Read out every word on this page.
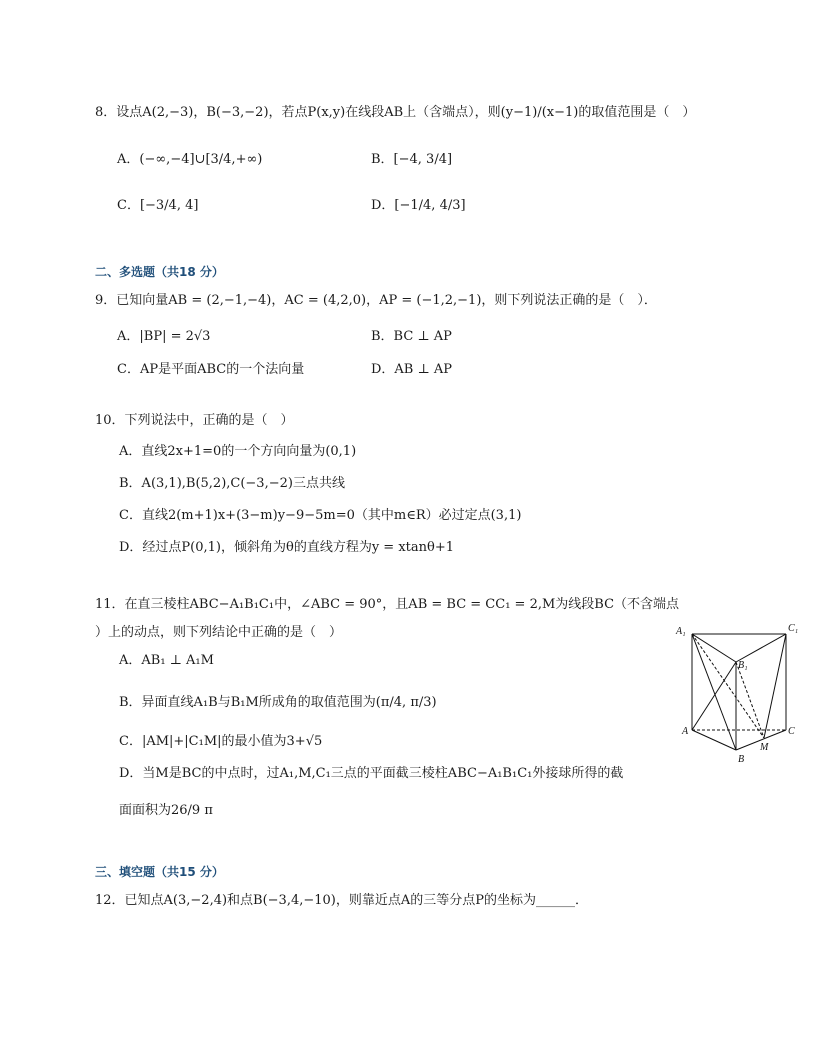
8．设点A(2,−3)，B(−3,−2)，若点P(x,y)在线段AB上（含端点），则(y−1)/(x−1)的取值范围是（　）
A．(−∞,−4]∪[3/4,+∞)	B．[−4, 3/4]
C．[−3/4, 4]	D．[−1/4, 4/3]
二、多选题（共18 分）
9．已知向量AB = (2,−1,−4)，AC = (4,2,0)，AP = (−1,2,−1)，则下列说法正确的是（　）．
A．|BP| = 2√3	B．BC ⊥ AP
C．AP是平面ABC的一个法向量	D．AB ⊥ AP
10．下列说法中，正确的是（　）
A．直线2x+1=0的一个方向向量为(0,1)
B．A(3,1),B(5,2),C(−3,−2)三点共线
C．直线2(m+1)x+(3−m)y−9−5m=0（其中m∈R）必过定点(3,1)
D．经过点P(0,1)，倾斜角为θ的直线方程为y = xtanθ+1
11．在直三棱柱ABC−A₁B₁C₁中，∠ABC = 90°，且AB = BC = CC₁ = 2,M为线段BC（不含端点
）上的动点，则下列结论中正确的是（　）
A．AB₁ ⊥ A₁M
B．异面直线A₁B与B₁M所成角的取值范围为(π/4, π/3)
C．|AM|+|C₁M|的最小值为3+√5
D．当M是BC的中点时，过A₁,M,C₁三点的平面截三棱柱ABC−A₁B₁C₁外接球所得的截
面面积为26/9 π
A₁	C₁
B₁
A	C
B
M
三、填空题（共15 分）
12．已知点A(3,−2,4)和点B(−3,4,−10)，则靠近点A的三等分点P的坐标为______．
